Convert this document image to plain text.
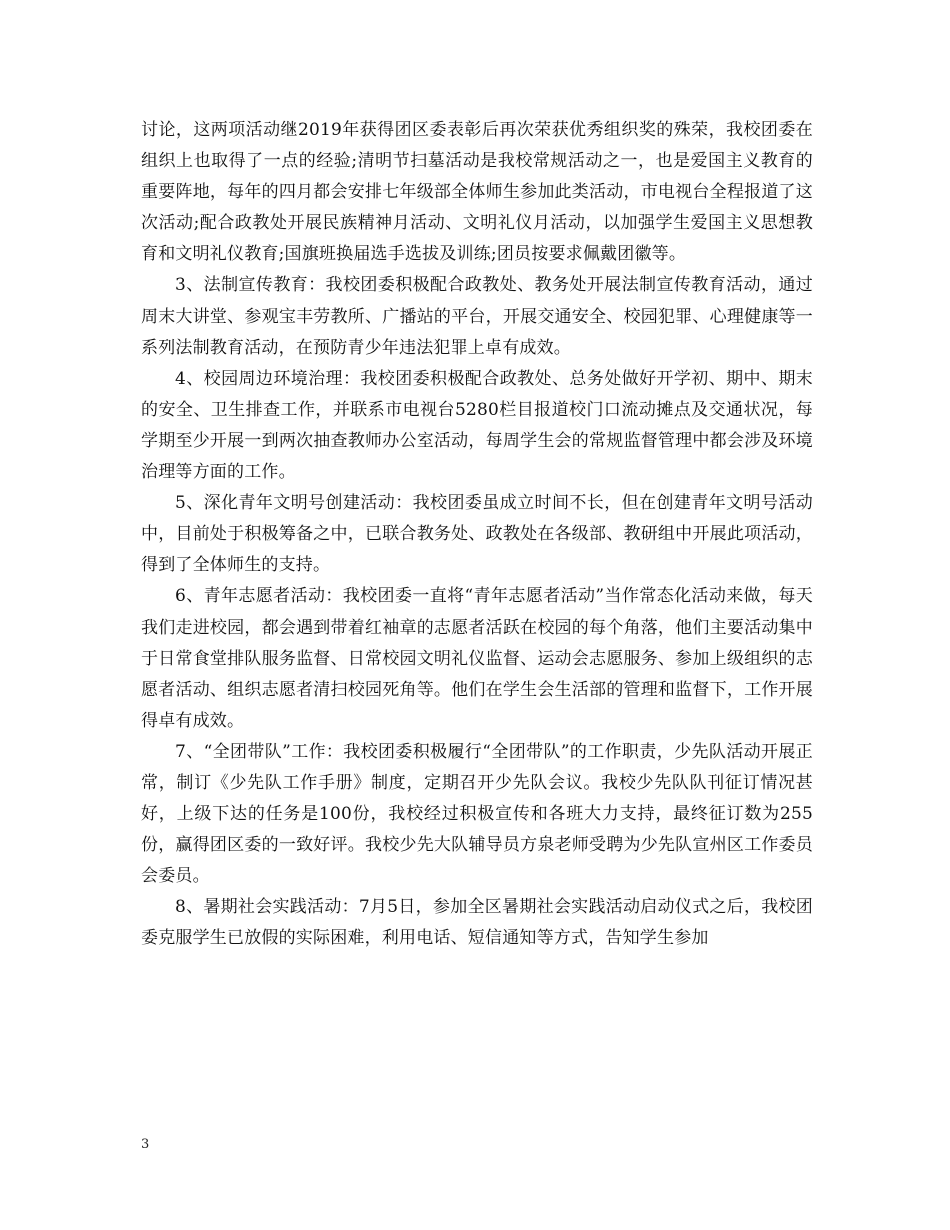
讨论，这两项活动继2019年获得团区委表彰后再次荣获优秀组织奖的殊荣，我校团委在组织上也取得了一点的经验;清明节扫墓活动是我校常规活动之一，也是爱国主义教育的重要阵地，每年的四月都会安排七年级部全体师生参加此类活动，市电视台全程报道了这次活动;配合政教处开展民族精神月活动、文明礼仪月活动，以加强学生爱国主义思想教育和文明礼仪教育;国旗班换届选手选拔及训练;团员按要求佩戴团徽等。

3、法制宣传教育：我校团委积极配合政教处、教务处开展法制宣传教育活动，通过周末大讲堂、参观宝丰劳教所、广播站的平台，开展交通安全、校园犯罪、心理健康等一系列法制教育活动，在预防青少年违法犯罪上卓有成效。

4、校园周边环境治理：我校团委积极配合政教处、总务处做好开学初、期中、期末的安全、卫生排查工作，并联系市电视台5280栏目报道校门口流动摊点及交通状况，每学期至少开展一到两次抽查教师办公室活动，每周学生会的常规监督管理中都会涉及环境治理等方面的工作。

5、深化青年文明号创建活动：我校团委虽成立时间不长，但在创建青年文明号活动中，目前处于积极筹备之中，已联合教务处、政教处在各级部、教研组中开展此项活动，得到了全体师生的支持。

6、青年志愿者活动：我校团委一直将“青年志愿者活动”当作常态化活动来做，每天我们走进校园，都会遇到带着红袖章的志愿者活跃在校园的每个角落，他们主要活动集中于日常食堂排队服务监督、日常校园文明礼仪监督、运动会志愿服务、参加上级组织的志愿者活动、组织志愿者清扫校园死角等。他们在学生会生活部的管理和监督下，工作开展得卓有成效。

7、“全团带队”工作：我校团委积极履行“全团带队”的工作职责，少先队活动开展正常，制订《少先队工作手册》制度，定期召开少先队会议。我校少先队队刊征订情况甚好，上级下达的任务是100份，我校经过积极宣传和各班大力支持，最终征订数为255份，赢得团区委的一致好评。我校少先大队辅导员方泉老师受聘为少先队宣州区工作委员会委员。

8、暑期社会实践活动：7月5日，参加全区暑期社会实践活动启动仪式之后，我校团委克服学生已放假的实际困难，利用电话、短信通知等方式，告知学生参加

3
